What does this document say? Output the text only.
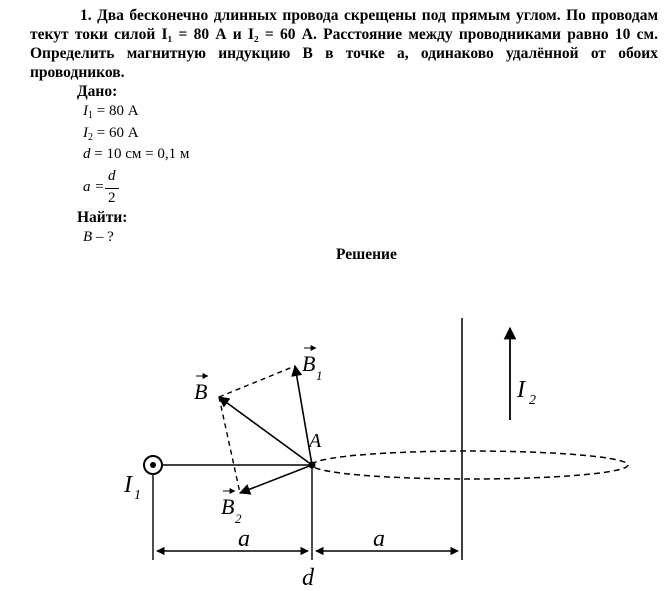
1. Два бесконечно длинных провода скрещены под прямым углом. По проводам текут токи силой I₁ = 80 А и I₂ = 60 А. Расстояние между проводниками равно 10 см. Определить магнитную индукцию B в точке a, одинаково удалённой от обоих проводников.
Дано:
$I_1 = 80$ А
$I_2 = 60$ А
d = 10 см = 0,1 м
a =
d
2
Найти:
B – ?
Решение
B
B 1
B 2
A
I 1
I 2
a	a
d
